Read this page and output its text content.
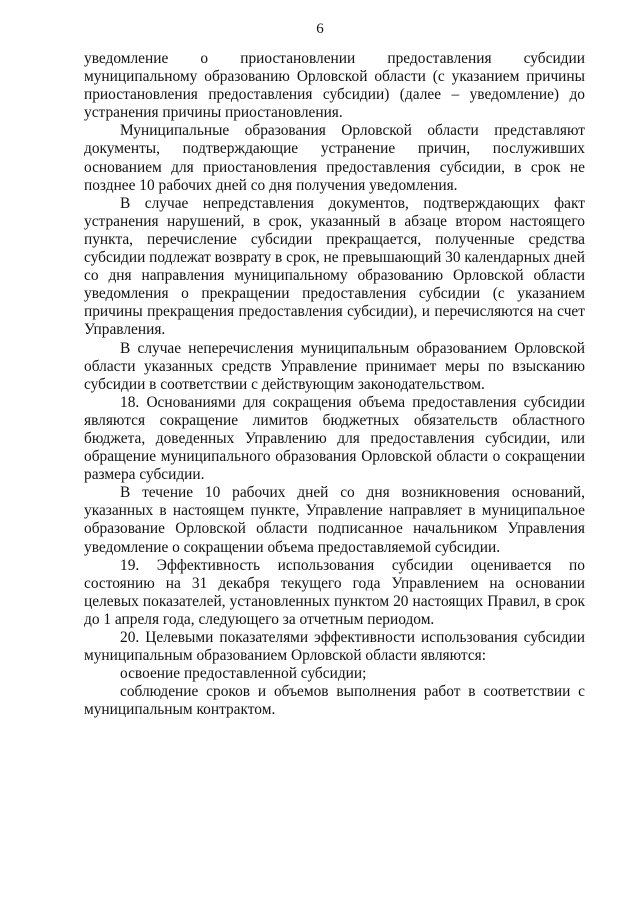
6

уведомление о приостановлении предоставления субсидии муниципальному образованию Орловской области (с указанием причины приостановления предоставления субсидии) (далее – уведомление) до устранения причины приостановления.

Муниципальные образования Орловской области представляют документы, подтверждающие устранение причин, послуживших основанием для приостановления предоставления субсидии, в срок не позднее 10 рабочих дней со дня получения уведомления.

В случае непредставления документов, подтверждающих факт устранения нарушений, в срок, указанный в абзаце втором настоящего пункта, перечисление субсидии прекращается, полученные средства субсидии подлежат возврату в срок, не превышающий 30 календарных дней со дня направления муниципальному образованию Орловской области уведомления о прекращении предоставления субсидии (с указанием причины прекращения предоставления субсидии), и перечисляются на счет Управления.

В случае неперечисления муниципальным образованием Орловской области указанных средств Управление принимает меры по взысканию субсидии в соответствии с действующим законодательством.

18. Основаниями для сокращения объема предоставления субсидии являются сокращение лимитов бюджетных обязательств областного бюджета, доведенных Управлению для предоставления субсидии, или обращение муниципального образования Орловской области о сокращении размера субсидии.

В течение 10 рабочих дней со дня возникновения оснований, указанных в настоящем пункте, Управление направляет в муниципальное образование Орловской области подписанное начальником Управления уведомление о сокращении объема предоставляемой субсидии.

19. Эффективность использования субсидии оценивается по состоянию на 31 декабря текущего года Управлением на основании целевых показателей, установленных пунктом 20 настоящих Правил, в срок до 1 апреля года, следующего за отчетным периодом.

20. Целевыми показателями эффективности использования субсидии муниципальным образованием Орловской области являются:

освоение предоставленной субсидии;

соблюдение сроков и объемов выполнения работ в соответствии с муниципальным контрактом.
